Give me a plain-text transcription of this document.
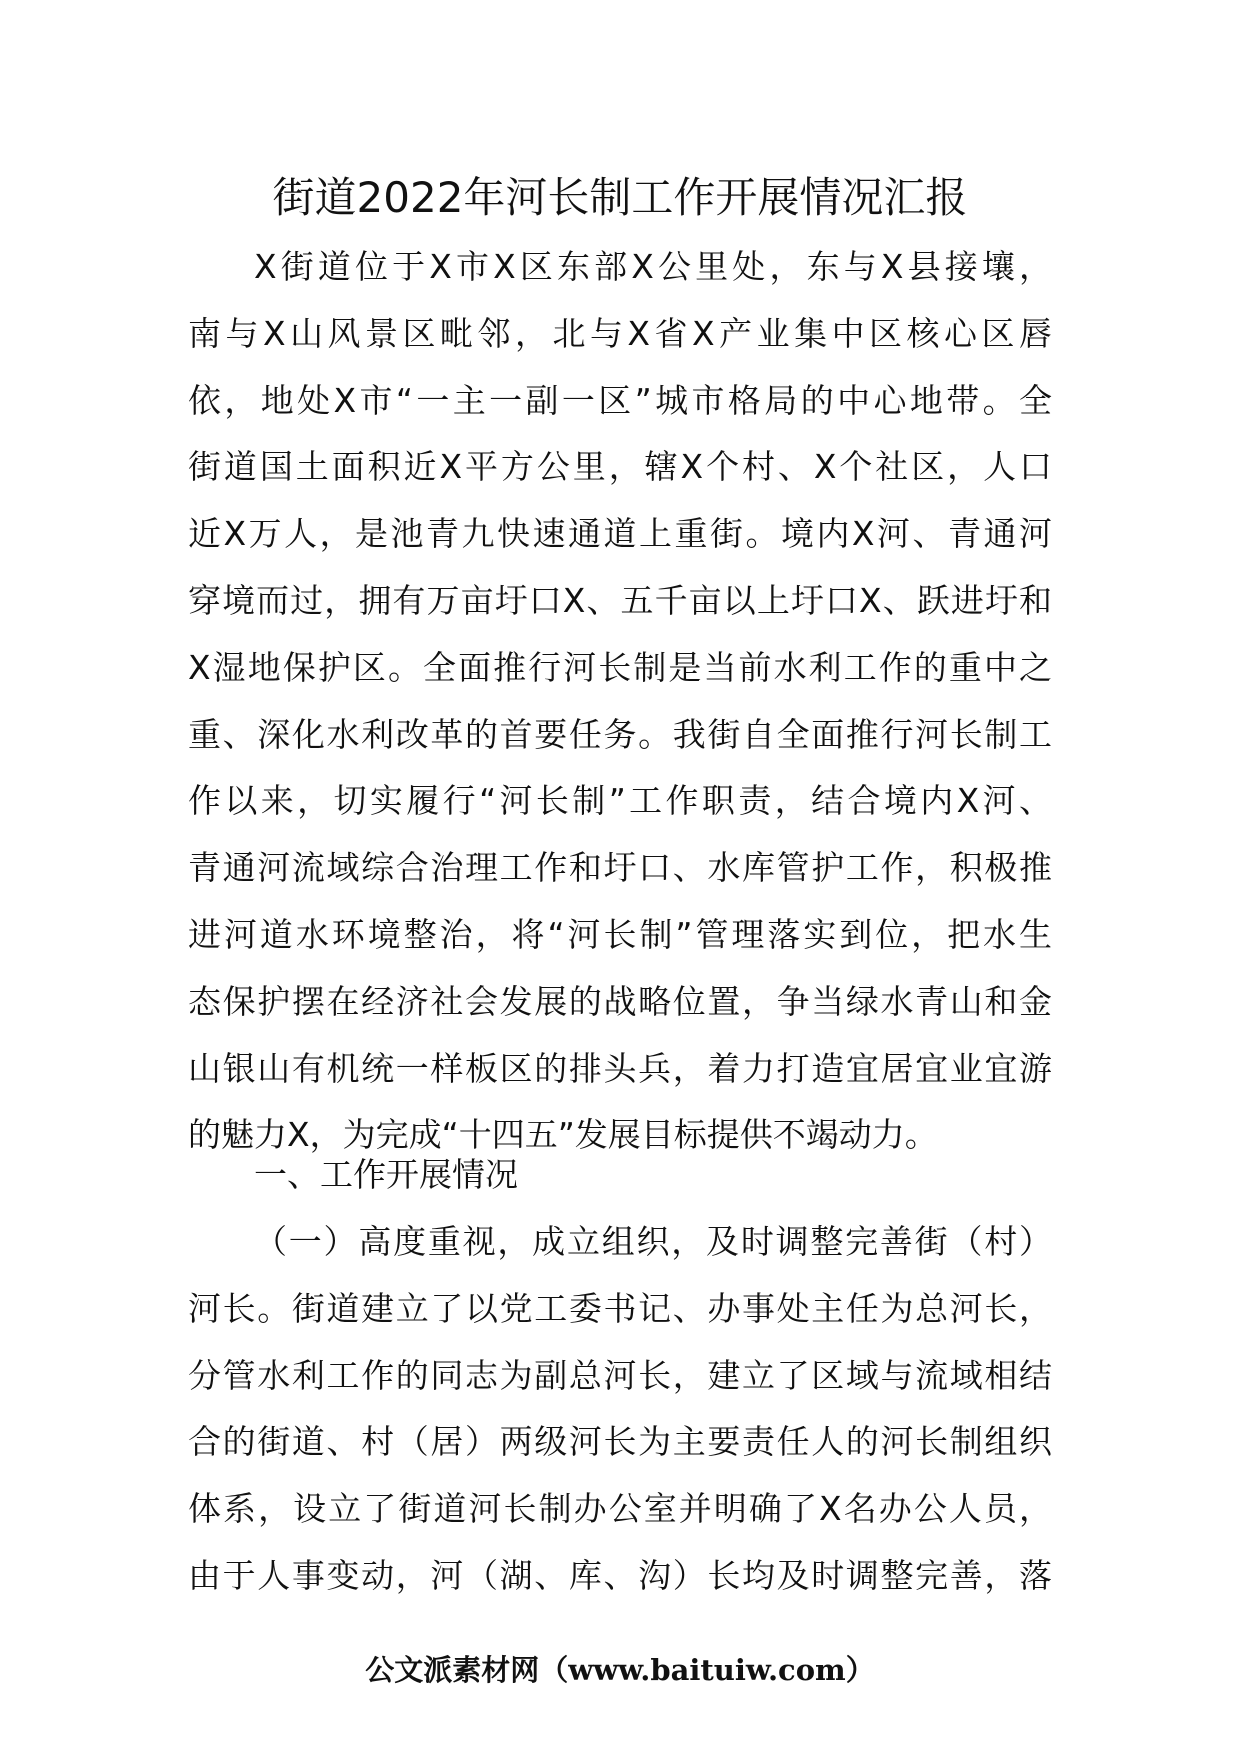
街道2022年河长制工作开展情况汇报
X街道位于X市X区东部X公里处，东与X县接壤，
南与X山风景区毗邻，北与X省X产业集中区核心区唇
依，地处X市“一主一副一区”城市格局的中心地带。全
街道国土面积近X平方公里，辖X个村、X个社区，人口
近X万人，是池青九快速通道上重街。境内X河、青通河
穿境而过，拥有万亩圩口X、五千亩以上圩口X、跃进圩和
X湿地保护区。全面推行河长制是当前水利工作的重中之
重、深化水利改革的首要任务。我街自全面推行河长制工
作以来，切实履行“河长制”工作职责，结合境内X河、
青通河流域综合治理工作和圩口、水库管护工作，积极推
进河道水环境整治，将“河长制”管理落实到位，把水生
态保护摆在经济社会发展的战略位置，争当绿水青山和金
山银山有机统一样板区的排头兵，着力打造宜居宜业宜游
的魅力X，为完成“十四五”发展目标提供不竭动力。
一、工作开展情况
（一）高度重视，成立组织，及时调整完善街（村）
河长。街道建立了以党工委书记、办事处主任为总河长，
分管水利工作的同志为副总河长，建立了区域与流域相结
合的街道、村（居）两级河长为主要责任人的河长制组织
体系，设立了街道河长制办公室并明确了X名办公人员，
由于人事变动，河（湖、库、沟）长均及时调整完善，落
公文派素材网（www.baituiw.com）
